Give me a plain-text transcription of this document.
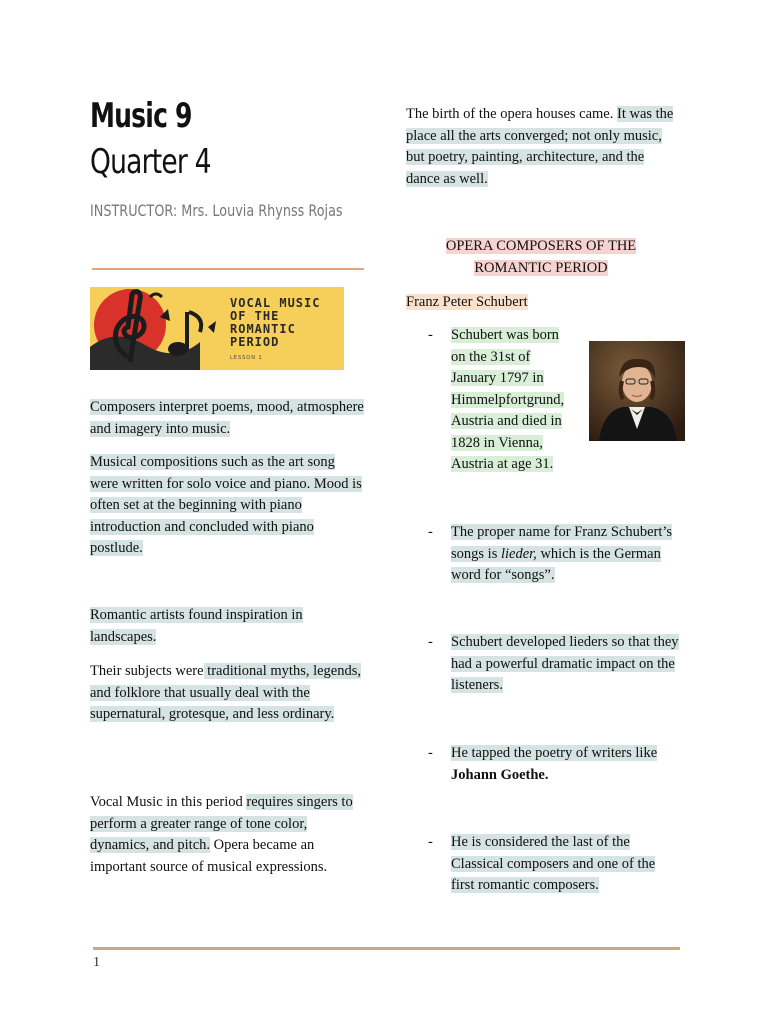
Music 9
Quarter 4

INSTRUCTOR: Mrs. Louvia Rhynss Rojas

VOCAL MUSIC
OF THE
ROMANTIC
PERIOD

LESSON 1

Composers interpret poems, mood, atmosphere and imagery into music.

Musical compositions such as the art song were written for solo voice and piano. Mood is often set at the beginning with piano introduction and concluded with piano postlude.

Romantic artists found inspiration in landscapes.

Their subjects were traditional myths, legends, and folklore that usually deal with the supernatural, grotesque, and less ordinary.

Vocal Music in this period requires singers to perform a greater range of tone color, dynamics, and pitch. Opera became an important source of musical expressions.

The birth of the opera houses came. It was the place all the arts converged; not only music, but poetry, painting, architecture, and the dance as well.

OPERA COMPOSERS OF THE
ROMANTIC PERIOD

Franz Peter Schubert

- Schubert was born on the 31st of January 1797 in Himmelpfortgrund, Austria and died in 1828 in Vienna, Austria at age 31.

- The proper name for Franz Schubert’s songs is lieder, which is the German word for “songs”.

- Schubert developed lieders so that they had a powerful dramatic impact on the listeners.

- He tapped the poetry of writers like Johann Goethe.

- He is considered the last of the Classical composers and one of the first romantic composers.

1
